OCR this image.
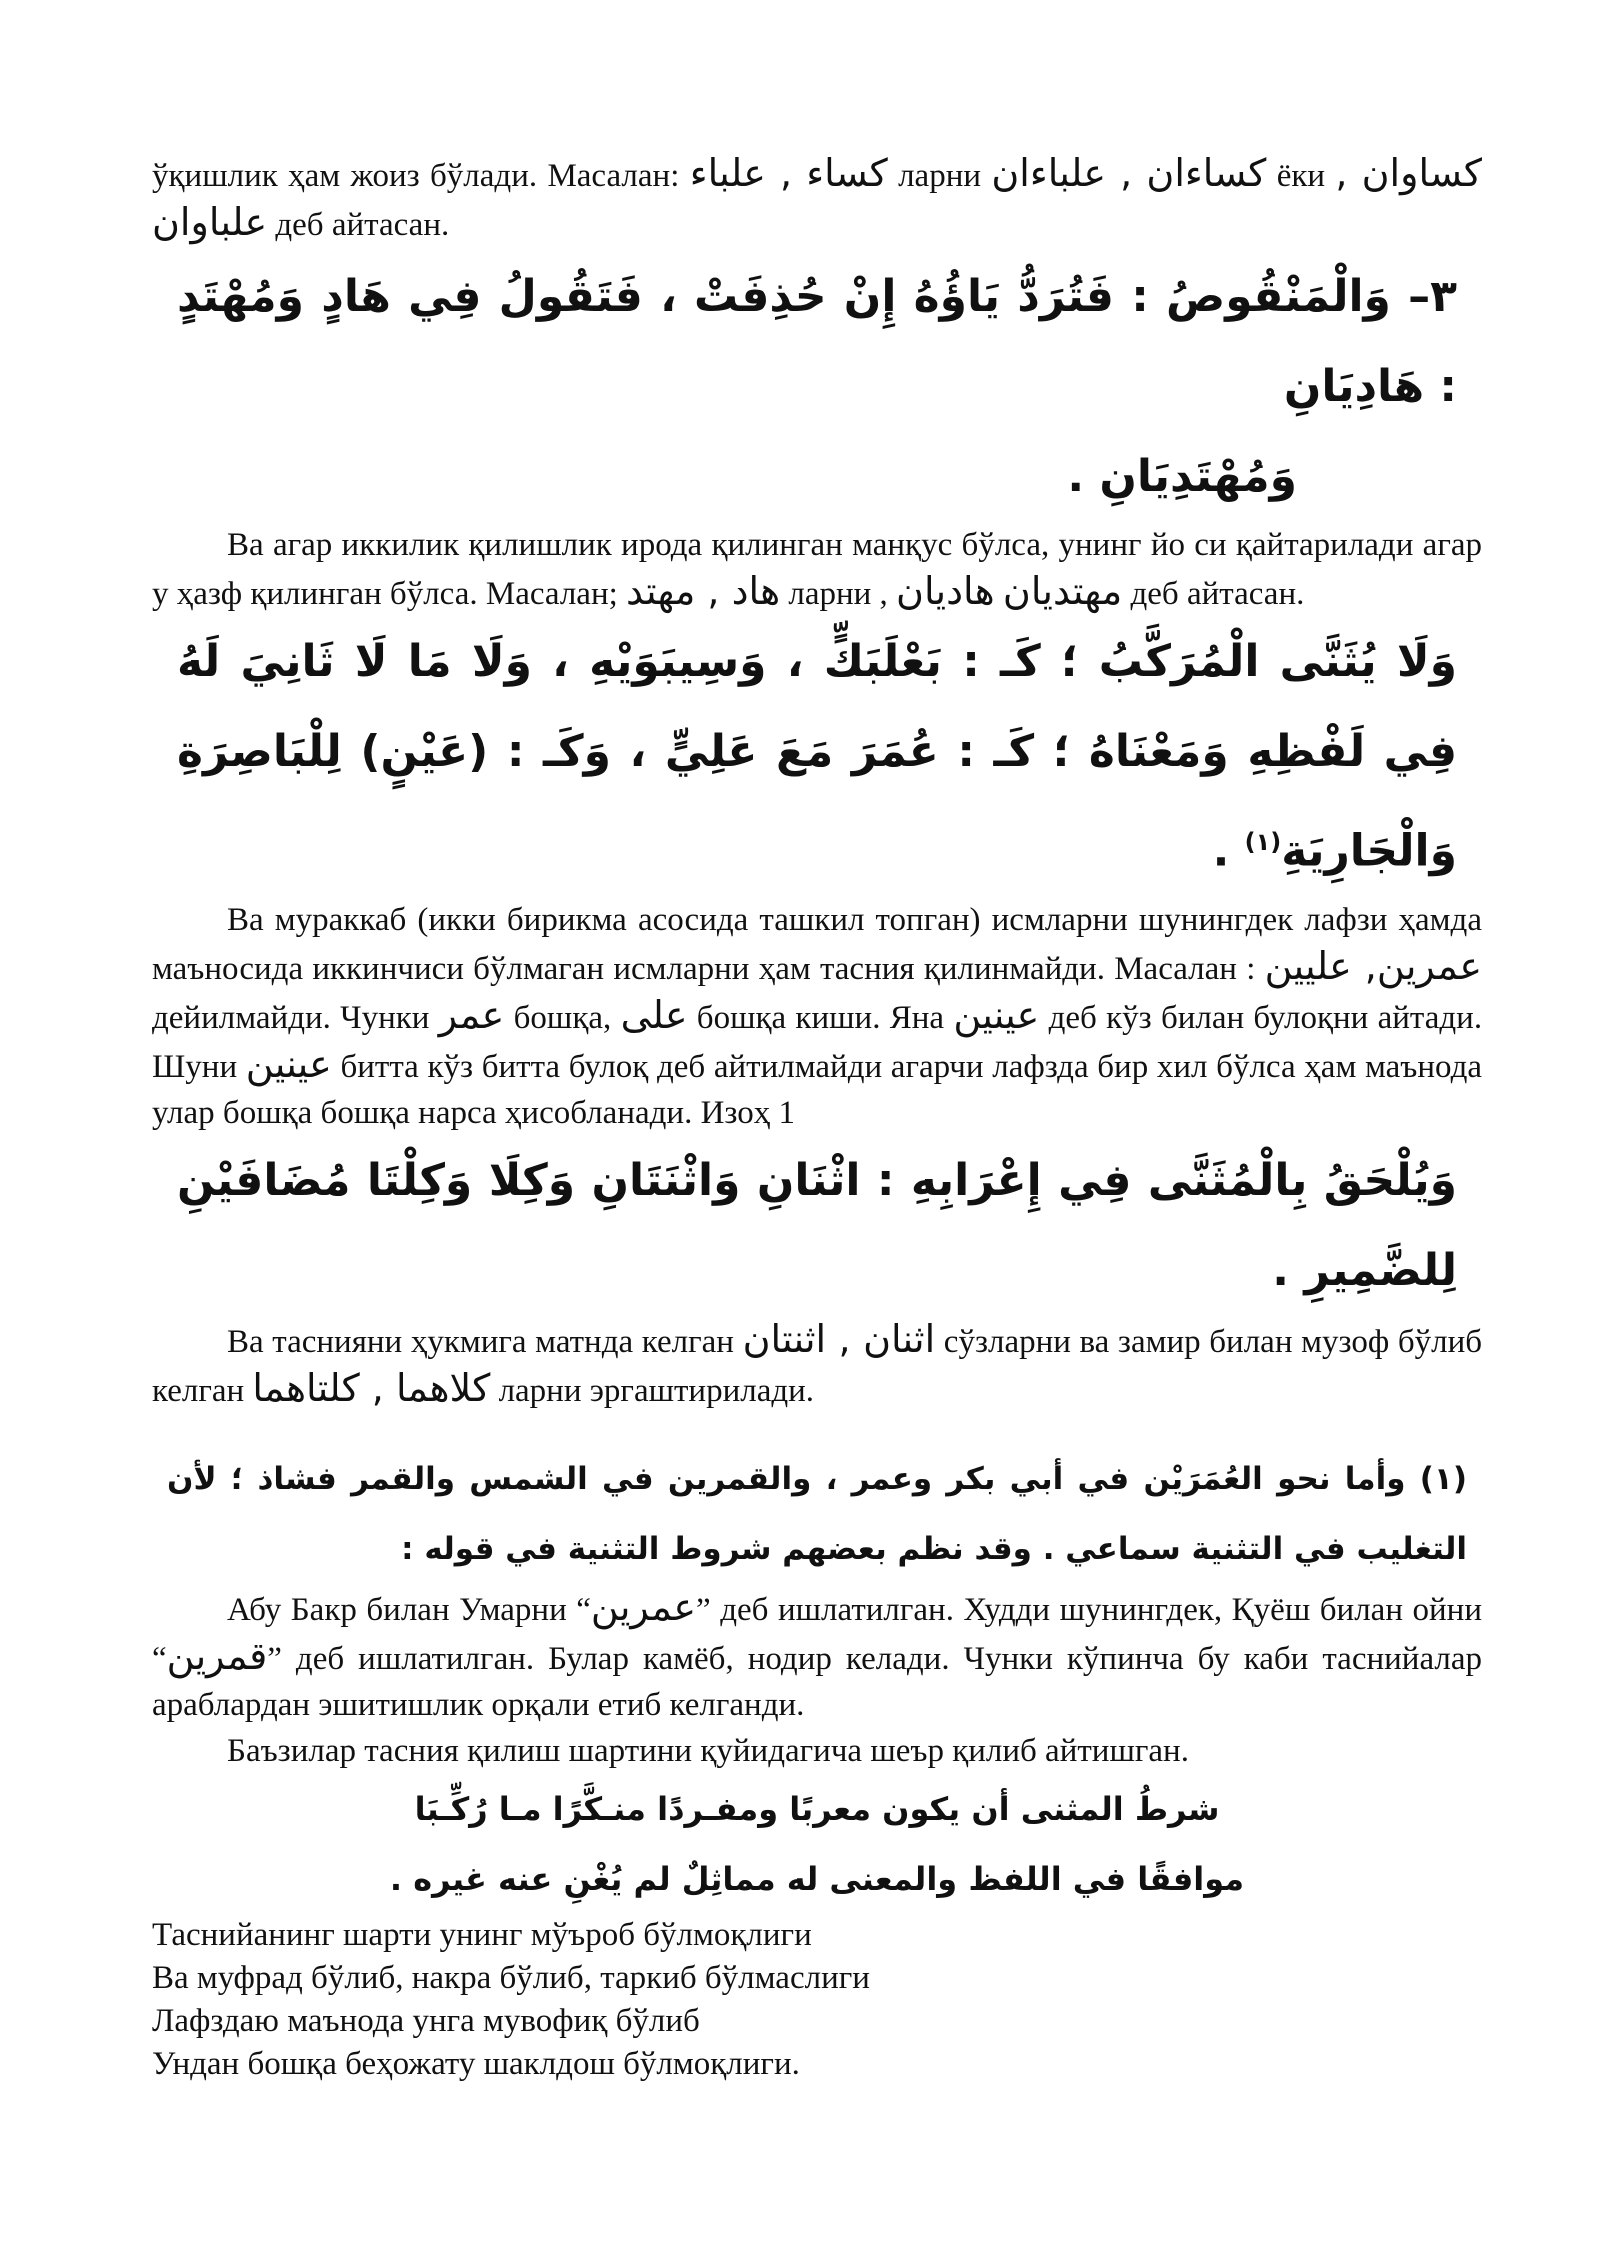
ўқишлик ҳам жоиз бўлади. Масалан: كساء , علباء ларни كساءان , علباءان ёки كساوان , علباوان деб айтасан.

٣– وَالْمَنْقُوصُ : فَتُرَدُّ يَاؤُهُ إِنْ حُذِفَتْ ، فَتَقُولُ فِي هَادٍ وَمُهْتَدٍ : هَادِيَانِ
وَمُهْتَدِيَانِ .

Ва агар иккилик қилишлик ирода қилинган манқус бўлса, унинг йо си қайтарилади агар у ҳазф қилинган бўлса. Масалан; هاد , مهتد ларни , هاديان مهتديان деб айтасан.

وَلَا يُثَنَّى الْمُرَكَّبُ ؛ كَـ : بَعْلَبَكٍّ ، وَسِيبَوَيْهِ ، وَلَا مَا لَا ثَانِيَ لَهُ فِي لَفْظِهِ وَمَعْنَاهُ ؛ كَـ : عُمَرَ مَعَ عَلِيٍّ ، وَكَـ : (عَيْنٍ) لِلْبَاصِرَةِ وَالْجَارِيَةِ$^{(١)}$ .

Ва мураккаб (икки бирикма асосида ташкил топган) исмларни шунингдек лафзи ҳамда маъносида иккинчиси бўлмаган исмларни ҳам тасния қилинмайди. Масалан : عمرين, عليين дейилмайди. Чунки عمر бошқа, على бошқа киши. Яна عينين деб кўз билан булоқни айтади. Шуни عينين битта кўз битта булоқ деб айтилмайди агарчи лафзда бир хил бўлса ҳам маънода улар бошқа бошқа нарса ҳисобланади. Изоҳ 1

وَيُلْحَقُ بِالْمُثَنَّى فِي إِعْرَابِهِ : اثْنَانِ وَاثْنَتَانِ وَكِلَا وَكِلْتَا مُضَافَيْنِ لِلضَّمِيرِ .

Ва таснияни ҳукмига матнда келган اثنان , اثنتان сўзларни ва замир билан музоф бўлиб келган كلاهما , كلتاهما ларни эргаштирилади.

(١) وأما نحو العُمَرَيْن في أبي بكر وعمر ، والقمرين في الشمس والقمر فشاذ ؛ لأن التغليب في التثنية سماعي . وقد نظم بعضهم شروط التثنية في قوله :

Абу Бакр билан Умарни “عمرين” деб ишлатилган. Худди шунингдек, Қуёш билан ойни “قمرين” деб ишлатилган. Булар камёб, нодир келади. Чунки кўпинча бу каби таснийалар араблардан эшитишлик орқали етиб келганди.

Баъзилар тасния қилиш шартини қуйидагича шеър қилиб айтишган.

شرطُ المثنى أن يكون معربًا ومفـردًا منـكَّرًا مـا رُكِّـبَا
موافقًا في اللفظ والمعنى له مماثِلٌ لم يُغْنِ عنه غيره .
Таснийанинг шарти унинг мўъроб бўлмоқлиги
Ва муфрад бўлиб, накра бўлиб, таркиб бўлмаслиги
Лафздаю маънода унга мувофиқ бўлиб
Ундан бошқа беҳожату шаклдош бўлмоқлиги.
